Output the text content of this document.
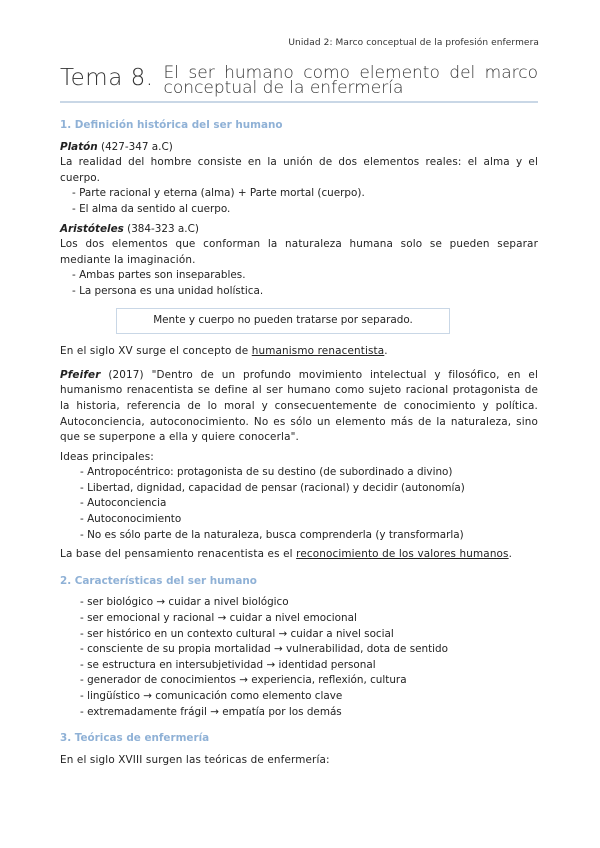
Unidad 2: Marco conceptual de la profesión enfermera
Tema 8. El ser humano como elemento del marco conceptual de la enfermería
1. Definición histórica del ser humano

Platón (427-347 a.C)

La realidad del hombre consiste en la unión de dos elementos reales: el alma y el cuerpo.

- Parte racional y eterna (alma) + Parte mortal (cuerpo).
- El alma da sentido al cuerpo.

Aristóteles (384-323 a.C)

Los dos elementos que conforman la naturaleza humana solo se pueden separar mediante la imaginación.

- Ambas partes son inseparables.
- La persona es una unidad holística.
Mente y cuerpo no pueden tratarse por separado.

En el siglo XV surge el concepto de humanismo renacentista.

Pfeifer (2017) "Dentro de un profundo movimiento intelectual y filosófico, en el humanismo renacentista se define al ser humano como sujeto racional protagonista de la historia, referencia de lo moral y consecuentemente de conocimiento y política. Autoconciencia, autoconocimiento. No es sólo un elemento más de la naturaleza, sino que se superpone a ella y quiere conocerla".

Ideas principales:

- Antropocéntrico: protagonista de su destino (de subordinado a divino)
- Libertad, dignidad, capacidad de pensar (racional) y decidir (autonomía)
- Autoconciencia
- Autoconocimiento
- No es sólo parte de la naturaleza, busca comprenderla (y transformarla)

La base del pensamiento renacentista es el reconocimiento de los valores humanos.

2. Características del ser humano
- ser biológico → cuidar a nivel biológico
- ser emocional y racional → cuidar a nivel emocional
- ser histórico en un contexto cultural → cuidar a nivel social
- consciente de su propia mortalidad → vulnerabilidad, dota de sentido
- se estructura en intersubjetividad → identidad personal
- generador de conocimientos → experiencia, reflexión, cultura
- lingüístico → comunicación como elemento clave
- extremadamente frágil → empatía por los demás
3. Teóricas de enfermería

En el siglo XVIII surgen las teóricas de enfermería:
